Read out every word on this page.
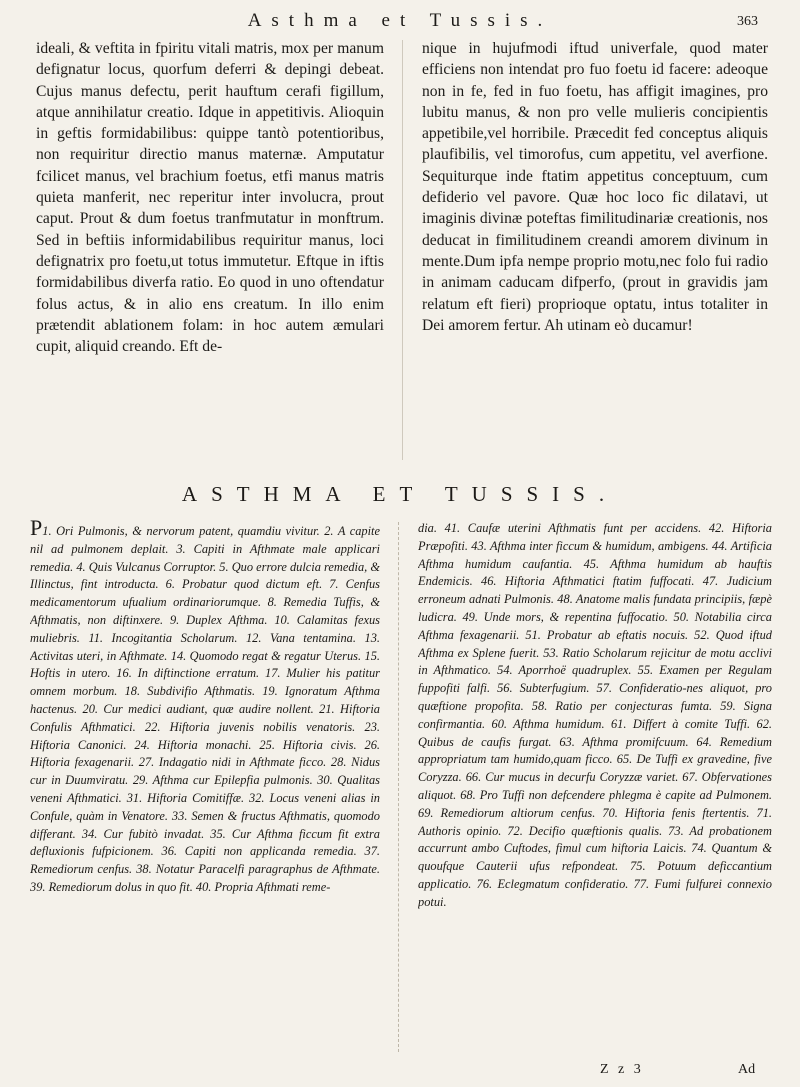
Asthma et Tussis.	363

ideali, & veftita in fpiritu vitali matris, mox per manum defignatur locus, quorfum deferri & depingi debeat. Cujus manus defectu, perit hauftum cerafi figillum, atque annihilatur creatio. Idque in appetitivis. Alioquin in geftis formidabilibus: quippe tantò potentioribus, non requiritur directio manus maternæ. Amputatur fcilicet manus, vel brachium foetus, etfi manus matris quieta manferit, nec reperitur inter involucra, prout caput. Prout & dum foetus tranfmutatur in monftrum. Sed in beftiis informidabilibus requiritur manus, loci defignatrix pro foetu,ut totus immutetur. Eftque in iftis formidabilibus diverfa ratio. Eo quod in uno oftendatur folus actus, & in alio ens creatum. In illo enim prætendit ablationem folam: in hoc autem æmulari cupit, aliquid creando. Eft de-

nique in hujufmodi iftud univerfale, quod mater efficiens non intendat pro fuo foetu id facere: adeoque non in fe, fed in fuo foetu, has affigit imagines, pro lubitu manus, & non pro velle mulieris concipientis appetibile,vel horribile. Præcedit fed conceptus aliquis plaufibilis, vel timorofus, cum appetitu, vel averfione. Sequiturque inde ftatim appetitus conceptuum, cum defiderio vel pavore. Quæ hoc loco fic dilatavi, ut imaginis divinæ poteftas fimilitudinariæ creationis, nos deducat in fimilitudinem creandi amorem divinum in mente.Dum ipfa nempe proprio motu,nec folo fui radio in animam caducam difperfo, (prout in gravidis jam relatum eft fieri) proprioque optatu, intus totaliter in Dei amorem fertur. Ah utinam eò ducamur!

ASTHMA ET TUSSIS.

P1. Ori Pulmonis, & nervorum patent, quamdiu vivitur. 2. A capite nil ad pulmonem deplait. 3. Capiti in Afthmate male applicari remedia. 4. Quis Vulcanus Corruptor. 5. Quo errore dulcia remedia, & Illinctus, fint introducta. 6. Probatur quod dictum eft. 7. Cenfus medicamentorum ufualium ordinariorumque. 8. Remedia Tuffis, & Afthmatis, non diftinxere. 9. Duplex Afthma. 10. Calamitas fexus muliebris. 11. Incogitantia Scholarum. 12. Vana tentamina. 13. Activitas uteri, in Afthmate. 14. Quomodo regat & regatur Uterus. 15. Hoftis in utero. 16. In diftinctione erratum. 17. Mulier his patitur omnem morbum. 18. Subdivifio Afthmatis. 19. Ignoratum Afthma hactenus. 20. Cur medici audiant, quæ audire nollent. 21. Hiftoria Confulis Afthmatici. 22. Hiftoria juvenis nobilis venatoris. 23. Hiftoria Canonici. 24. Hiftoria monachi. 25. Hiftoria civis. 26. Hiftoria fexagenarii. 27. Indagatio nidi in Afthmate ficco. 28. Nidus cur in Duumviratu. 29. Afthma cur Epilepfia pulmonis. 30. Qualitas veneni Afthmatici. 31. Hiftoria Comitiffæ. 32. Locus veneni alias in Confule, quàm in Venatore. 33. Semen & fructus Afthmatis, quomodo differant. 34. Cur fubitò invadat. 35. Cur Afthma ficcum fit extra defluxionis fufpicionem. 36. Capiti non applicanda remedia. 37. Remediorum cenfus. 38. Notatur Paracelfi paragraphus de Afthmate. 39. Remediorum dolus in quo fit. 40. Propria Afthmati reme-

dia. 41. Caufæ uterini Afthmatis funt per accidens. 42. Hiftoria Præpofiti. 43. Afthma inter ficcum & humidum, ambigens. 44. Artificia Afthma humidum caufantia. 45. Afthma humidum ab hauftis Endemicis. 46. Hiftoria Afthmatici ftatim fuffocati. 47. Judicium erroneum adnati Pulmonis. 48. Anatome malis fundata principiis, fæpè ludicra. 49. Unde mors, & repentina fuffocatio. 50. Notabilia circa Afthma fexagenarii. 51. Probatur ab eftatis nocuis. 52. Quod iftud Afthma ex Splene fuerit. 53. Ratio Scholarum rejicitur de motu acclivi in Afthmatico. 54. Aporrhoë quadruplex. 55. Examen per Regulam fuppofiti falfi. 56. Subterfugium. 57. Confideratio-nes aliquot, pro quæftione propofita. 58. Ratio per conjecturas fumta. 59. Signa confirmantia. 60. Afthma humidum. 61. Differt à comite Tuffi. 62. Quibus de caufis furgat. 63. Afthma promifcuum. 64. Remedium appropriatum tam humido,quam ficco. 65. De Tuffi ex gravedine, five Coryzza. 66. Cur mucus in decurfu Coryzzæ variet. 67. Obfervationes aliquot. 68. Pro Tuffi non defcendere phlegma è capite ad Pulmonem. 69. Remediorum altiorum cenfus. 70. Hiftoria fenis ftertentis. 71. Authoris opinio. 72. Decifio quæftionis qualis. 73. Ad probationem accurrunt ambo Cuftodes, fimul cum hiftoria Laicis. 74. Quantum & quoufque Cauterii ufus refpondeat. 75. Potuum deficcantium applicatio. 76. Eclegmatum confideratio. 77. Fumi fulfurei connexio potui.

Z z 3	Ad
